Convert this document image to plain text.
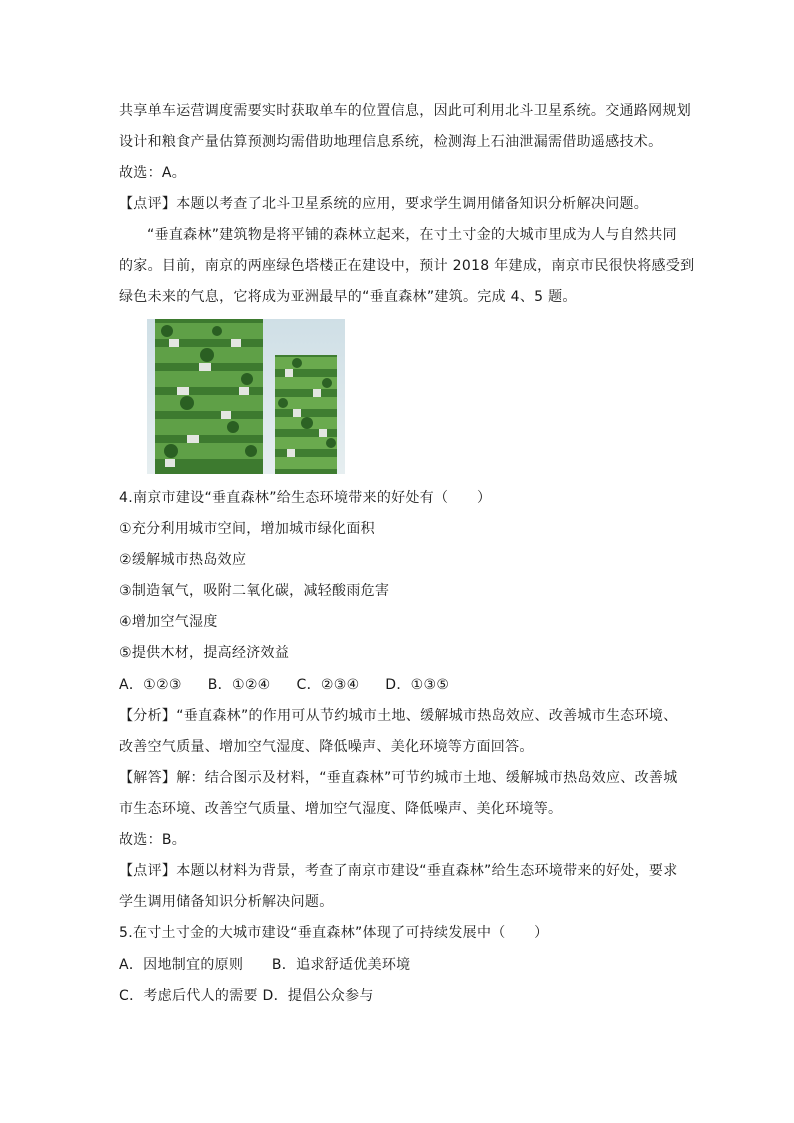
共享单车运营调度需要实时获取单车的位置信息，因此可利用北斗卫星系统。交通路网规划
设计和粮食产量估算预测均需借助地理信息系统，检测海上石油泄漏需借助遥感技术。
故选：A。
【点评】本题以考查了北斗卫星系统的应用，要求学生调用储备知识分析解决问题。
“垂直森林”建筑物是将平铺的森林立起来，在寸土寸金的大城市里成为人与自然共同
的家。目前，南京的两座绿色塔楼正在建设中，预计 2018 年建成，南京市民很快将感受到
绿色未来的气息，它将成为亚洲最早的“垂直森林”建筑。完成 4、5 题。
4.南京市建设“垂直森林”给生态环境带来的好处有（　　）
①充分利用城市空间，增加城市绿化面积
②缓解城市热岛效应
③制造氧气，吸附二氧化碳，减轻酸雨危害
④增加空气湿度
⑤提供木材，提高经济效益
A．①②③ B．①②④ C．②③④ D．①③⑤
【分析】“垂直森林”的作用可从节约城市土地、缓解城市热岛效应、改善城市生态环境、
改善空气质量、增加空气湿度、降低噪声、美化环境等方面回答。
【解答】解：结合图示及材料，“垂直森林”可节约城市土地、缓解城市热岛效应、改善城
市生态环境、改善空气质量、增加空气湿度、降低噪声、美化环境等。
故选：B。
【点评】本题以材料为背景，考查了南京市建设“垂直森林”给生态环境带来的好处，要求
学生调用储备知识分析解决问题。
5.在寸土寸金的大城市建设“垂直森林”体现了可持续发展中（　　）
A．因地制宜的原则　　B．追求舒适优美环境
C．考虑后代人的需要 D．提倡公众参与
